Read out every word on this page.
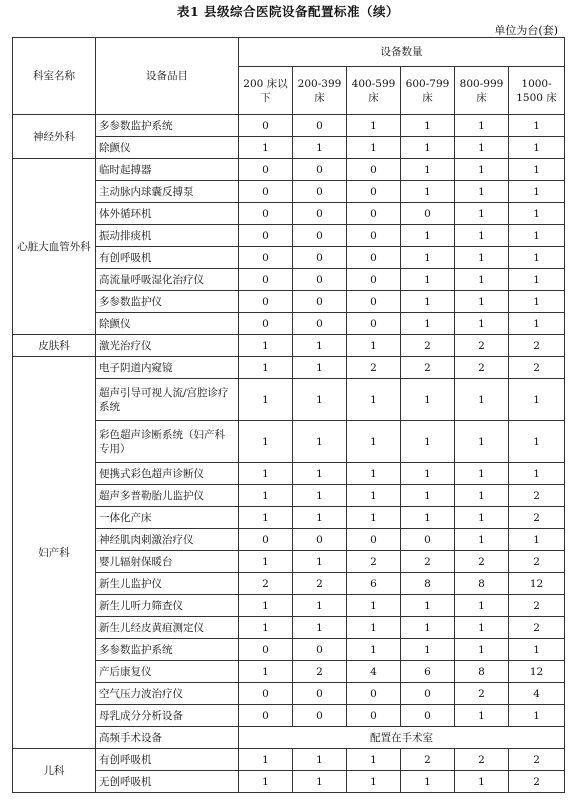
表1 县级综合医院设备配置标准（续）
单位为台(套)
科室名称	设备品目	设备数量					
		200 床以下	200-399 床	400-599 床	600-799 床	800-999 床	1000-1500 床
神经外科	多参数监护系统	0	0	1	1	1	1
	除颤仪	1	1	1	1	1	1
心脏大血管外科	临时起搏器	0	0	0	1	1	1
	主动脉内球囊反搏泵	0	0	0	1	1	1
	体外循环机	0	0	0	0	1	1
	振动排痰机	0	0	0	1	1	1
	有创呼吸机	0	0	0	1	1	1
	高流量呼吸湿化治疗仪	0	0	0	1	1	1
	多参数监护仪	0	0	0	1	1	1
	除颤仪	0	0	0	1	1	1
皮肤科	激光治疗仪	1	1	1	2	2	2
妇产科	电子阴道内窥镜	1	1	2	2	2	2
	超声引导可视人流/宫腔诊疗系统	1	1	1	1	1	1
	彩色超声诊断系统（妇产科专用）	1	1	1	1	1	1
	便携式彩色超声诊断仪	1	1	1	1	1	1
	超声多普勒胎儿监护仪	1	1	1	1	1	2
	一体化产床	1	1	1	1	1	2
	神经肌肉刺激治疗仪	0	0	0	0	1	1
	婴儿辐射保暖台	1	1	2	2	2	2
	新生儿监护仪	2	2	6	8	8	12
	新生儿听力筛查仪	1	1	1	1	1	2
	新生儿经皮黄疸测定仪	1	1	1	1	1	2
	多参数监护系统	0	0	1	1	1	1
	产后康复仪	1	2	4	6	8	12
	空气压力波治疗仪	0	0	0	0	2	4
	母乳成分分析设备	0	0	0	0	1	1
	高频手术设备	配置在手术室					
儿科	有创呼吸机	1	1	1	2	2	2
	无创呼吸机	1	1	1	1	1	2
